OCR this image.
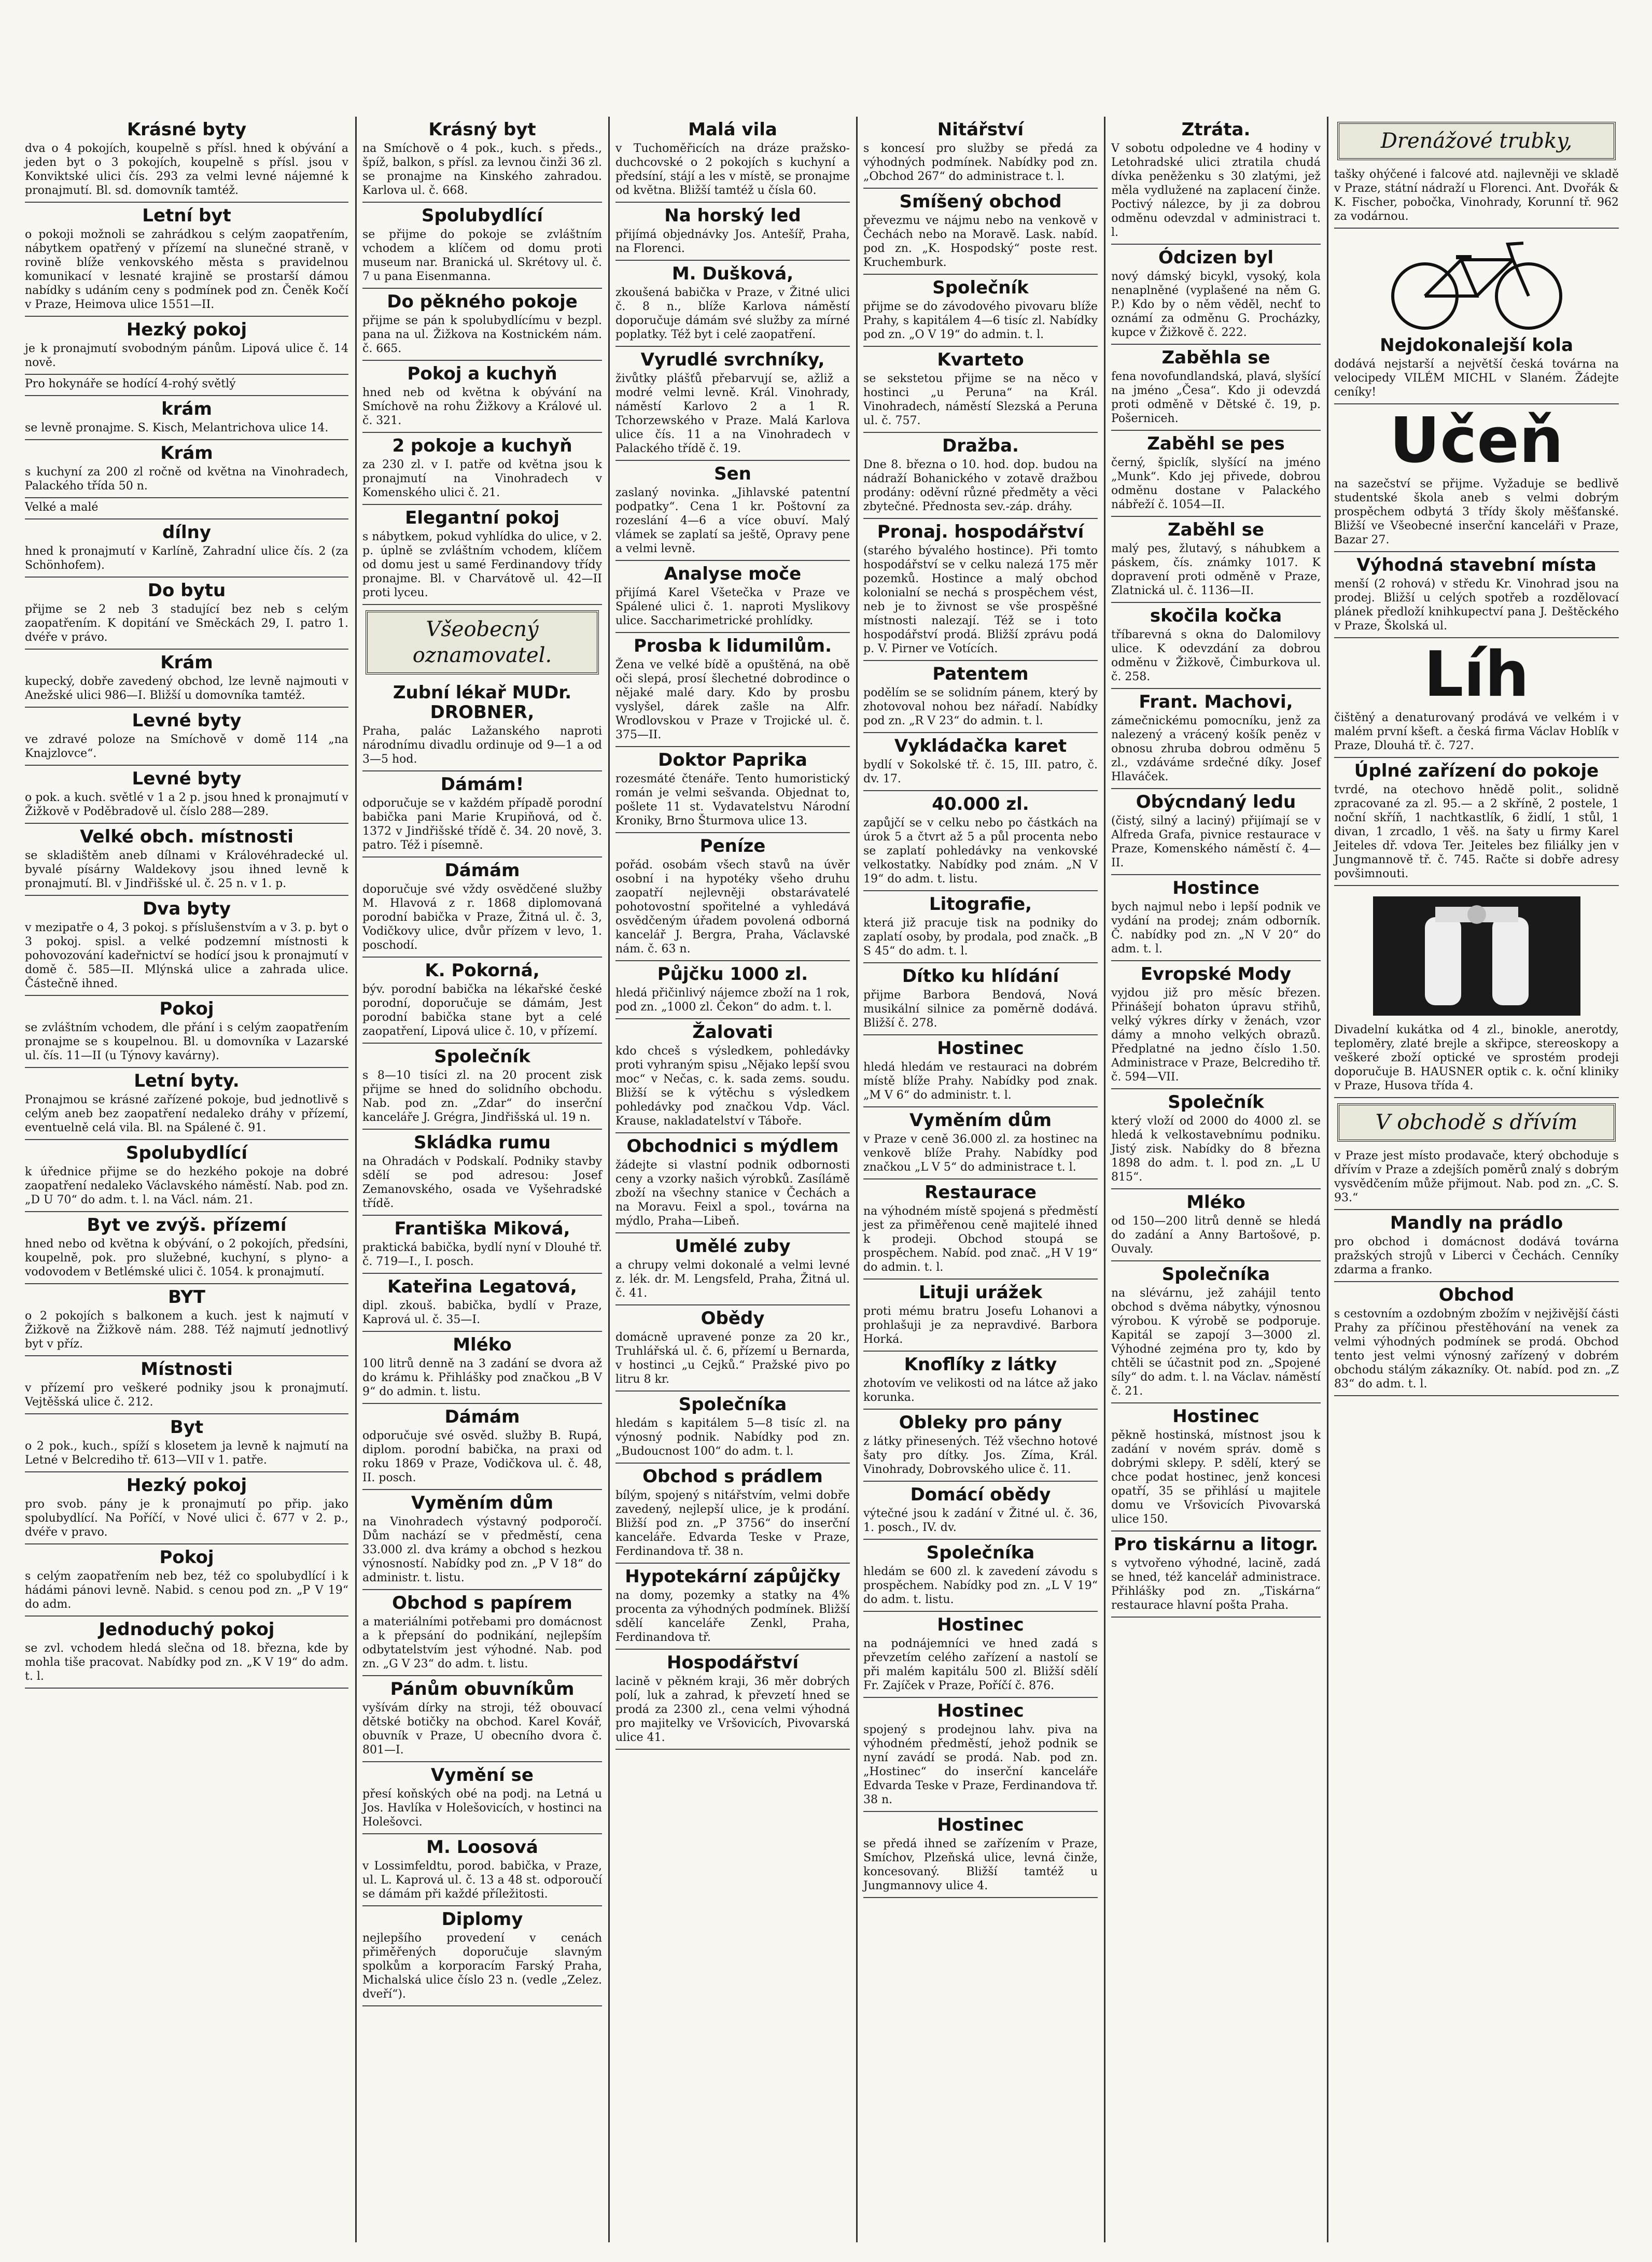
Krásné byty
dva o 4 pokojích, koupelně s přísl. hned k obývání a jeden byt o 3 pokojích, koupelně s přísl. jsou v Konviktské ulici čís. 293 za velmi levné nájemné k pronajmutí. Bl. sd. domovník tamtéž.
Letní byt
o pokoji možnoli se zahrádkou s celým zaopatřením, nábytkem opatřený v přízemí na slunečné straně, v rovině blíže venkovského města s pravidelnou komunikací v lesnaté krajině se prostarší dámou nabídky s udáním ceny s podmínek pod zn. Čeněk Kočí v Praze, Heimova ulice 1551—II.
Hezký pokoj
je k pronajmutí svobodným pánům. Lipová ulice č. 14 nově.
Pro hokynáře se hodící 4-rohý světlý
krám
se levně pronajme. S. Kisch, Melantrichova ulice 14.
Krám
s kuchyní za 200 zl ročně od května na Vinohradech, Palackého třída 50 n.
Velké a malé
dílny
hned k pronajmutí v Karlíně, Zahradní ulice čís. 2 (za Schönhofem).
Do bytu
přijme se 2 neb 3 stadující bez neb s celým zaopatřením. K dopitání ve Směckách 29, I. patro 1. dvéře v právo.
Krám
kupecký, dobře zavedený obchod, lze levně najmouti v Anežské ulici 986—I. Bližší u domovníka tamtéž.
Levné byty
ve zdravé poloze na Smíchově v domě 114 „na Knajzlovce“.
Levné byty
o pok. a kuch. světlé v 1 a 2 p. jsou hned k pronajmutí v Žižkově v Poděbradově ul. číslo 288—289.
Velké obch. místnosti
se skladištěm aneb dílnami v Královéhradecké ul. byvalé písárny Waldekovy jsou ihned levně k pronajmutí. Bl. v Jindřišské ul. č. 25 n. v 1. p.
Dva byty
v mezipatře o 4, 3 pokoj. s příslušenstvím a v 3. p. byt o 3 pokoj. spisl. a velké podzemní místnosti k pohovozování kadeřnictví se hodící jsou k pronajmutí v domě č. 585—II. Mlýnská ulice a zahrada ulice. Částečně ihned.
Pokoj
se zvláštním vchodem, dle přání i s celým zaopatřením pronajme se s koupelnou. Bl. u domovníka v Lazarské ul. čís. 11—II (u Týnovy kavárny).
Letní byty.
Pronajmou se krásné zařízené pokoje, bud jednotlivě s celým aneb bez zaopatření nedaleko dráhy v přízemí, eventuelně celá vila. Bl. na Spálené č. 91.
Spolubydlící
k úřednice přijme se do hezkého pokoje na dobré zaopatření nedaleko Václavského náměstí. Nab. pod zn. „D U 70“ do adm. t. l. na Václ. nám. 21.
Byt ve zvýš. přízemí
hned nebo od května k obývání, o 2 pokojích, předsíni, koupelně, pok. pro služebné, kuchyní, s plyno- a vodovodem v Betlémské ulici č. 1054. k pronajmutí.
BYT
o 2 pokojích s balkonem a kuch. jest k najmutí v Žižkově na Žižkově nám. 288. Též najmutí jednotlivý byt v příz.
Místnosti
v přízemí pro veškeré podniky jsou k pronajmutí. Vejtěšská ulice č. 212.
Byt
o 2 pok., kuch., spíží s klosetem ja levně k najmutí na Letné v Belcrediho tř. 613—VII v 1. patře.
Hezký pokoj
pro svob. pány je k pronajmutí po přip. jako spolubydlící. Na Poříčí, v Nové ulici č. 677 v 2. p., dvéře v pravo.
Pokoj
s celým zaopatřením neb bez, též co spolubydlící i k hádámi pánovi levně. Nabid. s cenou pod zn. „P V 19“ do adm.
Jednoduchý pokoj
se zvl. vchodem hledá slečna od 18. března, kde by mohla tiše pracovat. Nabídky pod zn. „K V 19“ do adm. t. l.
Krásný byt
na Smíchově o 4 pok., kuch. s předs., špíž, balkon, s přísl. za levnou činži 36 zl. se pronajme na Kinského zahradou. Karlova ul. č. 668.
Spolubydlící
se přijme do pokoje se zvláštním vchodem a klíčem od domu proti museum nar. Branická ul. Skrétovy ul. č. 7 u pana Eisenmanna.
Do pěkného pokoje
přijme se pán k spolubydlícímu v bezpl. pana na ul. Žižkova na Kostnickém nám. č. 665.
Pokoj a kuchyň
hned neb od května k obývání na Smíchově na rohu Žižkovy a Králové ul. č. 321.
2 pokoje a kuchyň
za 230 zl. v I. patře od května jsou k pronajmutí na Vinohradech v Komenského ulici č. 21.
Elegantní pokoj
s nábytkem, pokud vyhlídka do ulice, v 2. p. úplně se zvláštním vchodem, klíčem od domu jest u samé Ferdinandovy třídy pronajme. Bl. v Charvátově ul. 42—II proti lyceu.
Všeobecný oznamovatel.
Zubní lékař MUDr. DROBNER,
Praha, palác Lažanského naproti národnímu divadlu ordinuje od 9—1 a od 3—5 hod.
Dámám!
odporučuje se v každém případě porodní babička pani Marie Krupiňová, od č. 1372 v Jindřišské třídě č. 34. 20 nově, 3. patro. Též i písemně.
Dámám
doporučuje své vždy osvědčené služby M. Hlavová z r. 1868 diplomovaná porodní babička v Praze, Žitná ul. č. 3, Vodičkovy ulice, dvůr přízem v levo, 1. poschodí.
K. Pokorná,
býv. porodní babička na lékařské české porodní, doporučuje se dámám, Jest porodní babička stane byt a celé zaopatření, Lipová ulice č. 10, v přízemí.
Společník
s 8—10 tisíci zl. na 20 procent zisk přijme se hned do solidního obchodu. Nab. pod zn. „Zdar“ do inserční kanceláře J. Grégra, Jindřišská ul. 19 n.
Skládka rumu
na Ohradách v Podskalí. Podniky stavby sdělí se pod adresou: Josef Zemanovského, osada ve Vyšehradské třídě.
Františka Miková,
praktická babička, bydlí nyní v Dlouhé tř. č. 719—I., I. posch.
Kateřina Legatová,
dipl. zkouš. babička, bydlí v Praze, Kaprová ul. č. 35—I.
Mléko
100 litrů denně na 3 zadání se dvora až do krámu k. Přihlášky pod značkou „B V 9“ do admin. t. listu.
Dámám
odporučuje své osvěd. služby B. Rupá, diplom. porodní babička, na praxi od roku 1869 v Praze, Vodičkova ul. č. 48, II. posch.
Vyměním dům
na Vinohradech výstavný podporočí. Dům nachází se v předměstí, cena 33.000 zl. dva krámy a obchod s hezkou výnosností. Nabídky pod zn. „P V 18“ do administr. t. listu.
Obchod s papírem
a materiálními potřebami pro domácnost a k přepsání do podnikání, nejlepším odbytatelstvím jest výhodné. Nab. pod zn. „G V 23“ do adm. t. listu.
Pánům obuvníkům
vyšívám dírky na stroji, též obouvací dětské botičky na obchod. Karel Kovář, obuvník v Praze, U obecního dvora č. 801—I.
Vymění se
přesí koňských obé na podj. na Letná u Jos. Havlíka v Holešovicích, v hostinci na Holešovci.
M. Loosová
v Lossimfeldtu, porod. babička, v Praze, ul. L. Kaprová ul. č. 13 a 48 st. odporoučí se dámám při každé příležitosti.
Diplomy
nejlepšího provedení v cenách přiměřených doporučuje slavným spolkům a korporacím Farský Praha, Michalská ulice číslo 23 n. (vedle „Zelez. dveří“).
Malá vila
v Tuchoměřicích na dráze pražsko-duchcovské o 2 pokojích s kuchyní a předsíní, stájí a les v místě, se pronajme od května. Bližší tamtéž u čísla 60.
Na horský led
přijímá objednávky Jos. Antešíř, Praha, na Florenci.
M. Dušková,
zkoušená babička v Praze, v Žitné ulici č. 8 n., blíže Karlova náměstí doporučuje dámám své služby za mírné poplatky. Též byt i celé zaopatření.
Vyrudlé svrchníky,
živůtky plášťů přebarvují se, ažliž a modré velmi levně. Král. Vinohrady, náměstí Karlovo 2 a 1 R. Tchorzewského v Praze. Malá Karlova ulice čís. 11 a na Vinohradech v Palackého třídě č. 19.
Sen
zaslaný novinka. „Jihlavské patentní podpatky“. Cena 1 kr. Poštovní za rozeslání 4—6 a více obuví. Malý vlámek se zaplatí sa ještě, Opravy pene a velmi levně.
Analyse moče
přijímá Karel Všetečka v Praze ve Spálené ulici č. 1. naproti Myslikovy ulice. Saccharimetrické prohlídky.
Prosba k lidumilům.
Žena ve velké bídě a opuštěná, na obě oči slepá, prosí šlechetné dobrodince o nějaké malé dary. Kdo by prosbu vyslyšel, dárek zašle na Alfr. Wrodlovskou v Praze v Trojické ul. č. 375—II.
Doktor Paprika
rozesmáté čtenáře. Tento humoristický román je velmi sešvanda. Objednat to, pošlete 11 st. Vydavatelstvu Národní Kroniky, Brno Šturmova ulice 13.
Peníze
pořád. osobám všech stavů na úvěr osobní i na hypotéky všeho druhu zaopatří nejlevněji obstarávatelé pohotovostní spořitelné a vyhledává osvědčeným úřadem povolená odborná kancelář J. Bergra, Praha, Václavské nám. č. 63 n.
Půjčku 1000 zl.
hledá přičinlivý nájemce zboží na 1 rok, pod zn. „1000 zl. Čekon“ do adm. t. l.
Žalovati
kdo chceš s výsledkem, pohledávky proti vyhraným spisu „Nějako lepší svou moc“ v Nečas, c. k. sada zems. soudu. Bližší se k výtěchu s výsledkem pohledávky pod značkou Vdp. Václ. Krause, nakladatelství v Táboře.
Obchodnici s mýdlem
žádejte si vlastní podnik odbornosti ceny a vzorky našich výrobků. Zasílámě zboží na všechny stanice v Čechách a na Moravu. Feixl a spol., továrna na mýdlo, Praha—Libeň.
Umělé zuby
a chrupy velmi dokonalé a velmi levné z. lék. dr. M. Lengsfeld, Praha, Žitná ul. č. 41.
Obědy
domácně upravené ponze za 20 kr., Truhlářská ul. č. 6, přízemí u Bernarda, v hostinci „u Cejků.“ Pražské pivo po litru 8 kr.
Společníka
hledám s kapitálem 5—8 tisíc zl. na výnosný podnik. Nabídky pod zn. „Budoucnost 100“ do adm. t. l.
Obchod s prádlem
bílým, spojený s nitářstvím, velmi dobře zavedený, nejlepší ulice, je k prodání. Bližší pod zn. „P 3756“ do inserční kanceláře. Edvarda Teske v Praze, Ferdinandova tř. 38 n.
Hypotekární zápůjčky
na domy, pozemky a statky na 4% procenta za výhodných podmínek. Bližší sdělí kanceláře Zenkl, Praha, Ferdinandova tř.
Hospodářství
lacině v pěkném kraji, 36 měr dobrých polí, luk a zahrad, k převzetí hned se prodá za 2300 zl., cena velmi výhodná pro majitelky ve Vršovicích, Pivovarská ulice 41.
Nitářství
s koncesí pro služby se předá za výhodných podmínek. Nabídky pod zn. „Obchod 267“ do administrace t. l.
Smíšený obchod
převezmu ve nájmu nebo na venkově v Čechách nebo na Moravě. Lask. nabíd. pod zn. „K. Hospodský“ poste rest. Kruchemburk.
Společník
přijme se do závodového pivovaru blíže Prahy, s kapitálem 4—6 tisíc zl. Nabídky pod zn. „O V 19“ do admin. t. l.
Kvarteto
se sekstetou přijme se na něco v hostinci „u Peruna“ na Král. Vinohradech, náměstí Slezská a Peruna ul. č. 757.
Dražba.
Dne 8. března o 10. hod. dop. budou na nádraží Bohanického v zotavě dražbou prodány: oděvní různé předměty a věci zbytečné. Přednosta sev.-záp. dráhy.
Pronaj. hospodářství
(starého bývalého hostince). Při tomto hospodářství se v celku nalezá 175 měr pozemků. Hostince a malý obchod kolonialní se nechá s prospěchem vést, neb je to živnost se vše prospěšné místnosti nalezají. Též se i toto hospodářství prodá. Bližší zprávu podá p. V. Pirner ve Votících.
Patentem
podělím se se solidním pánem, který by zhotovoval nohou bez nářadí. Nabídky pod zn. „R V 23“ do admin. t. l.
Vykládačka karet
bydlí v Sokolské tř. č. 15, III. patro, č. dv. 17.
40.000 zl.
zapůjčí se v celku nebo po částkách na úrok 5 a čtvrt až 5 a půl procenta nebo se zaplatí pohledávky na venkovské velkostatky. Nabídky pod znám. „N V 19“ do adm. t. listu.
Litografie,
která již pracuje tisk na podniky do zaplatí osoby, by prodala, pod značk. „B S 45“ do adm. t. l.
Dítko ku hlídání
přijme Barbora Bendová, Nová musikální silnice za poměrně dodává. Bližší č. 278.
Hostinec
hledá hledám ve restauraci na dobrém místě blíže Prahy. Nabídky pod znak. „M V 6“ do administr. t. l.
Vyměním dům
v Praze v ceně 36.000 zl. za hostinec na venkově blíže Prahy. Nabídky pod značkou „L V 5“ do administrace t. l.
Restaurace
na výhodném místě spojená s předměstí jest za přiměřenou ceně majitelé ihned k prodeji. Obchod stoupá se prospěchem. Nabíd. pod znač. „H V 19“ do admin. t. l.
Lituji urážek
proti mému bratru Josefu Lohanovi a prohlašuji je za nepravdivé. Barbora Horká.
Knoflíky z látky
zhotovím ve velikosti od na látce až jako korunka.
Obleky pro pány
z látky přinesených. Též všechno hotové šaty pro dítky. Jos. Zíma, Král. Vinohrady, Dobrovského ulice č. 11.
Domácí obědy
výtečné jsou k zadání v Žitné ul. č. 36, 1. posch., IV. dv.
Společníka
hledám se 600 zl. k zavedení závodu s prospěchem. Nabídky pod zn. „L V 19“ do adm. t. listu.
Hostinec
na podnájemníci ve hned zadá s převzetím celého zařízení a nastolí se při malém kapitálu 500 zl. Bližší sdělí Fr. Zajíček v Praze, Poříčí č. 876.
Hostinec
spojený s prodejnou lahv. piva na výhodném předměstí, jehož podnik se nyní zavádí se prodá. Nab. pod zn. „Hostinec“ do inserční kanceláře Edvarda Teske v Praze, Ferdinandova tř. 38 n.
Hostinec
se předá ihned se zařízením v Praze, Smíchov, Plzeňská ulice, levná činže, koncesovaný. Bližší tamtéž u Jungmannovy ulice 4.
Ztráta.
V sobotu odpoledne ve 4 hodiny v Letohradské ulici ztratila chudá dívka peněženku s 30 zlatými, jež měla vydlužené na zaplacení činže. Poctivý nálezce, by ji za dobrou odměnu odevzdal v administraci t. l.
Ódcizen byl
nový dámský bicykl, vysoký, kola nenaplněné (vyplašené na něm G. P.) Kdo by o něm věděl, nechť to oznámí za odměnu G. Procházky, kupce v Žižkově č. 222.
Zaběhla se
fena novofundlandská, plavá, slyšící na jméno „Česa“. Kdo ji odevzdá proti odměně v Dětské č. 19, p. Pošerniceh.
Zaběhl se pes
černý, špiclík, slyšící na jméno „Munk“. Kdo jej přivede, dobrou odměnu dostane v Palackého nábřeží č. 1054—II.
Zaběhl se
malý pes, žlutavý, s náhubkem a páskem, čís. známky 1017. K dopravení proti odměně v Praze, Zlatnická ul. č. 1136—II.
skočila kočka
tříbarevná s okna do Dalomilovy ulice. K odevzdání za dobrou odměnu v Žižkově, Čimburkova ul. č. 258.
Frant. Machovi,
zámečnickému pomocníku, jenž za nalezený a vrácený košík peněz v obnosu zhruba dobrou odměnu 5 zl., vzdáváme srdečné díky. Josef Hlaváček.
Obýcndaný ledu
(čistý, silný a laciný) přijímají se v Alfreda Grafa, pivnice restaurace v Praze, Komenského náměstí č. 4—II.
Hostince
bych najmul nebo i lepší podnik ve vydání na prodej; znám odborník. Č. nabídky pod zn. „N V 20“ do adm. t. l.
Evropské Mody
vyjdou již pro měsíc březen. Přinášejí bohaton úpravu střihů, velký výkres dírky v ženách, vzor dámy a mnoho velkých obrazů. Předplatné na jedno číslo 1.50. Administrace v Praze, Belcrediho tř. č. 594—VII.
Společník
který vloží od 2000 do 4000 zl. se hledá k velkostavebnímu podniku. Jistý zisk. Nabídky do 8 března 1898 do adm. t. l. pod zn. „L U 815“.
Mléko
od 150—200 litrů denně se hledá do zadání a Anny Bartošové, p. Ouvaly.
Společníka
na slévárnu, jež zahájil tento obchod s dvěma nábytky, výnosnou výrobou. K výrobě se podporuje. Kapitál se zapojí 3—3000 zl. Výhodné zejména pro ty, kdo by chtěli se účastnit pod zn. „Spojené síly“ do adm. t. l. na Václav. náměstí č. 21.
Hostinec
pěkně hostinská, místnost jsou k zadání v novém správ. domě s dobrými sklepy. P. sdělí, který se chce podat hostinec, jenž koncesi opatří, 35 se přihlásí u majitele domu ve Vršovicích Pivovarská ulice 150.
Pro tiskárnu a litogr.
s vytvořeno výhodné, lacině, zadá se hned, též kancelář administrace. Přihlášky pod zn. „Tiskárna“ restaurace hlavní pošta Praha.
Drenážové trubky,
tašky ohýčené i falcové atd. najlevněji ve skladě v Praze, státní nádraží u Florenci. Ant. Dvořák & K. Fischer, pobočka, Vinohrady, Korunní tř. 962 za vodárnou.
Nejdokonalejší kola
dodává nejstarší a největší česká továrna na velocipedy VILÉM MICHL v Slaném. Žádejte ceníky!
Učeň
na sazečství se přijme. Vyžaduje se bedlivě studentské škola aneb s velmi dobrým prospěchem odbytá 3 třídy školy měšťanské. Bližší ve Všeobecné inserční kanceláři v Praze, Bazar 27.
Výhodná stavební místa
menší (2 rohová) v středu Kr. Vinohrad jsou na prodej. Bližší u celých spotřeb a rozdělovací plánek předloží knihkupectví pana J. Deštěckého v Praze, Školská ul.
Líh
čištěný a denaturovaný prodává ve velkém i v malém první kšeft. a česká firma Václav Hoblík v Praze, Dlouhá tř. č. 727.
Úplné zařízení do pokoje
tvrdé, na otechovo hnědě polit., solidně zpracované za zl. 95.— a 2 skříně, 2 postele, 1 noční skříň, 1 nachtkastlík, 6 židlí, 1 stůl, 1 divan, 1 zrcadlo, 1 věš. na šaty u firmy Karel Jeiteles dř. vdova Ter. Jeiteles bez filiálky jen v Jungmannově tř. č. 745. Račte si dobře adresy povšimnouti.
Divadelní kukátka od 4 zl., binokle, anerotdy, teploměry, zlaté brejle a skřipce, stereoskopy a veškeré zboží optické ve sprostém prodeji doporučuje B. HAUSNER optik c. k. oční kliniky v Praze, Husova třída 4.
V obchodě s dřívím
v Praze jest místo prodavače, který obchoduje s dřívím v Praze a zdejších poměrů znalý s dobrým vysvědčením může přijmout. Nab. pod zn. „C. S. 93.“
Mandly na prádlo
pro obchod i domácnost dodává továrna pražských strojů v Liberci v Čechách. Cenníky zdarma a franko.
Obchod
s cestovním a ozdobným zbožím v nejživější části Prahy za příčinou přestěhování na venek za velmi výhodných podmínek se prodá. Obchod tento jest velmi výnosný zařízený v dobrém obchodu stálým zákazníky. Ot. nabíd. pod zn. „Z 83“ do adm. t. l.
